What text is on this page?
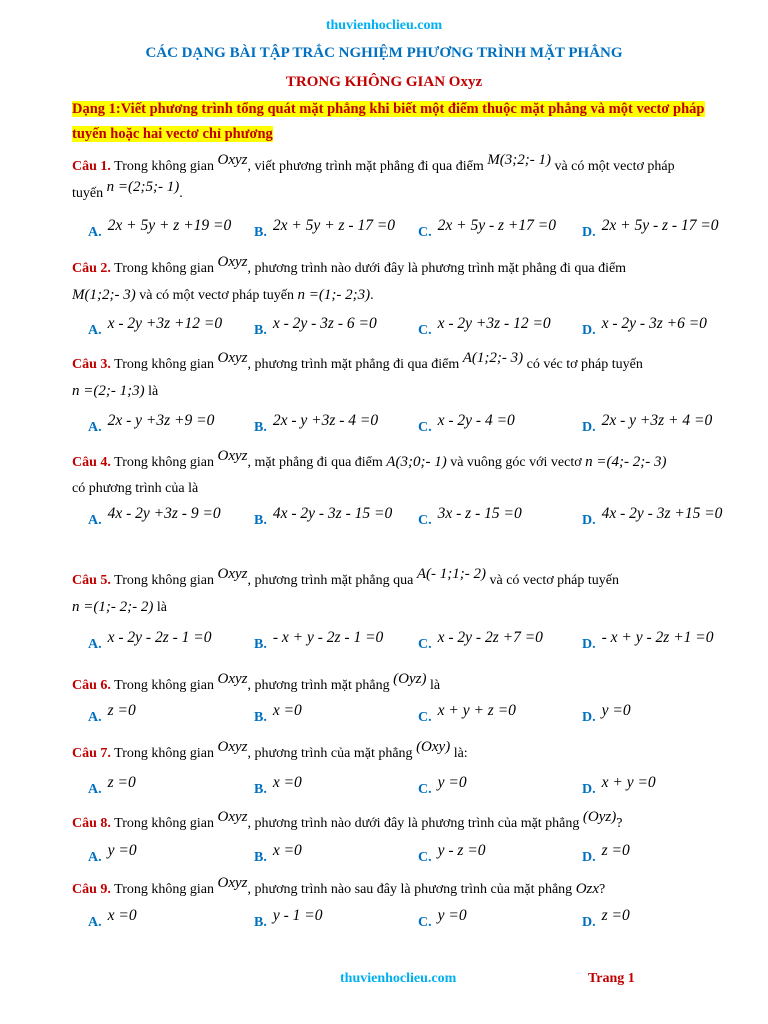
thuvienhoclieu.com
CÁC DẠNG BÀI TẬP TRẮC NGHIỆM PHƯƠNG TRÌNH MẶT PHẲNG
TRONG KHÔNG GIAN Oxyz
Dạng 1:Viết phương trình tổng quát mặt phẳng khi biết một điểm thuộc mặt phẳng và một vectơ pháp
tuyến hoặc hai vectơ chỉ phương
Câu 1. Trong không gian Oxyz, viết phương trình mặt phẳng đi qua điểm M(3;2;- 1) và có một vectơ pháp
tuyến n =(2;5;- 1).
A. 2x + 5y + z +19 =0 B. 2x + 5y + z - 17 =0 C. 2x + 5y - z +17 =0 D. 2x + 5y - z - 17 =0
Câu 2. Trong không gian Oxyz, phương trình nào dưới đây là phương trình mặt phẳng đi qua điểm
M(1;2;- 3) và có một vectơ pháp tuyến n =(1;- 2;3).
A. x - 2y +3z +12 =0 B. x - 2y - 3z - 6 =0	C. x - 2y +3z - 12 =0 D. x - 2y - 3z +6 =0
Câu 3. Trong không gian Oxyz, phương trình mặt phẳng đi qua điểm A(1;2;- 3) có véc tơ pháp tuyến
n =(2;- 1;3) là
A. 2x - y +3z +9 =0	B. 2x - y +3z - 4 =0	C. x - 2y - 4 =0	D. 2x - y +3z + 4 =0
Câu 4. Trong không gian Oxyz, mặt phẳng đi qua điểm A(3;0;- 1) và vuông góc với vectơ n =(4;- 2;- 3)
có phương trình của là
A. 4x - 2y +3z - 9 =0 B. 4x - 2y - 3z - 15 =0 C. 3x - z - 15 =0	D. 4x - 2y - 3z +15 =0
Câu 5. Trong không gian Oxyz, phương trình mặt phẳng qua A(- 1;1;- 2) và có vectơ pháp tuyến
n =(1;- 2;- 2) là
A. x - 2y - 2z - 1 =0	B. - x + y - 2z - 1 =0 C. x - 2y - 2z +7 =0	D. - x + y - 2z +1 =0
Câu 6. Trong không gian Oxyz, phương trình mặt phẳng (Oyz) là
A. z =0	B. x =0	C. x + y + z =0	D. y =0
Câu 7. Trong không gian Oxyz, phương trình của mặt phẳng (Oxy) là:
A. z =0	B. x =0	C. y =0	D. x + y =0
Câu 8. Trong không gian Oxyz, phương trình nào dưới đây là phương trình của mặt phẳng (Oyz)?
A. y =0	B. x =0	C. y - z =0	D. z =0
Câu 9. Trong không gian Oxyz, phương trình nào sau đây là phương trình của mặt phẳng Ozx?
A. x =0	B. y - 1 =0	C. y =0	D. z =0
thuvienhoclieu.com	Trang 1
